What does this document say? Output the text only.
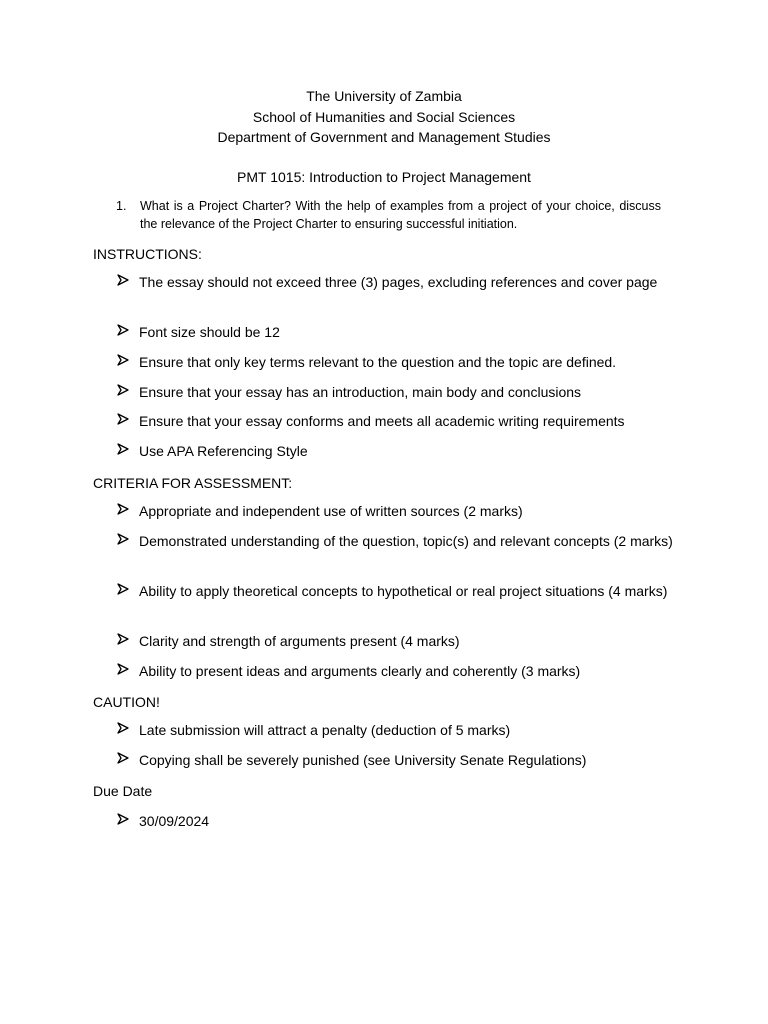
The University of Zambia
School of Humanities and Social Sciences
Department of Government and Management Studies
PMT 1015: Introduction to Project Management
1. What is a Project Charter? With the help of examples from a project of your choice, discuss the relevance of the Project Charter to ensuring successful initiation.
INSTRUCTIONS:
The essay should not exceed three (3) pages, excluding references and cover page
Font size should be 12
Ensure that only key terms relevant to the question and the topic are defined.
Ensure that your essay has an introduction, main body and conclusions
Ensure that your essay conforms and meets all academic writing requirements
Use APA Referencing Style
CRITERIA FOR ASSESSMENT:
Appropriate and independent use of written sources (2 marks)
Demonstrated understanding of the question, topic(s) and relevant concepts (2 marks)
Ability to apply theoretical concepts to hypothetical or real project situations (4 marks)
Clarity and strength of arguments present (4 marks)
Ability to present ideas and arguments clearly and coherently (3 marks)
CAUTION!
Late submission will attract a penalty (deduction of 5 marks)
Copying shall be severely punished (see University Senate Regulations)
Due Date
30/09/2024
